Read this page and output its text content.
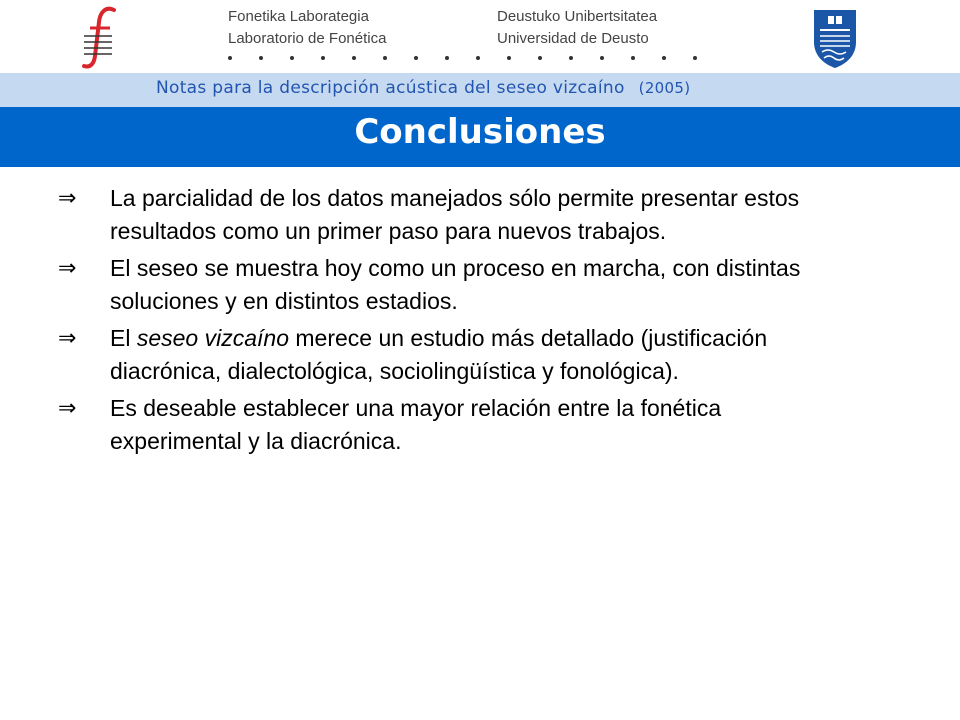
Fonetika Laborategia
Laboratorio de Fonética
Deustuko Unibertsitatea
Universidad de Deusto
Notas para la descripción acústica del seseo vizcaíno (2005)
Conclusiones
⇒ La parcialidad de los datos manejados sólo permite presentar estos resultados como un primer paso para nuevos trabajos.
⇒ El seseo se muestra hoy como un proceso en marcha, con distintas soluciones y en distintos estadios.
⇒ El seseo vizcaíno merece un estudio más detallado (justificación diacrónica, dialectológica, sociolingüística y fonológica).
⇒ Es deseable establecer una mayor relación entre la fonética experimental y la diacrónica.
